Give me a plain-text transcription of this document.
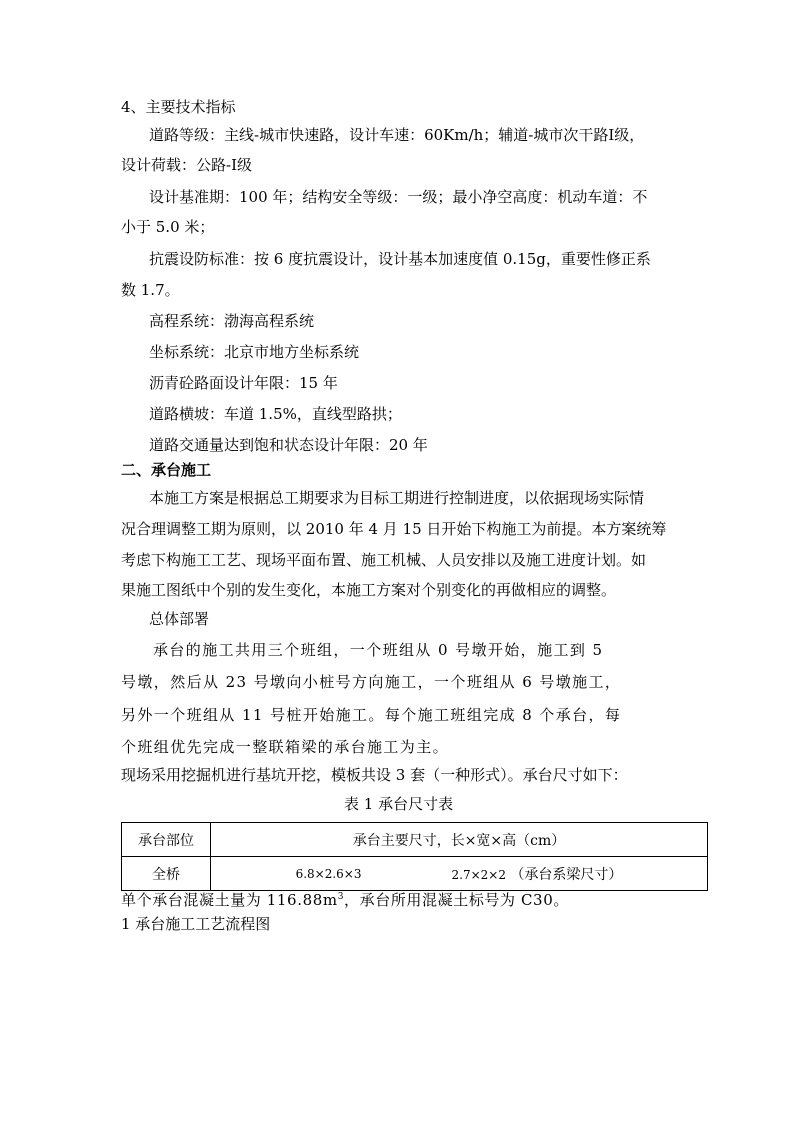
4、主要技术指标
道路等级：主线-城市快速路，设计车速：60Km/h；辅道-城市次干路Ⅰ级，
设计荷载：公路-Ⅰ级
设计基准期：100 年；结构安全等级：一级；最小净空高度：机动车道：不
小于 5.0 米；
抗震设防标准：按 6 度抗震设计，设计基本加速度值 0.15g，重要性修正系
数 1.7。
高程系统：渤海高程系统
坐标系统：北京市地方坐标系统
沥青砼路面设计年限：15 年
道路横坡：车道 1.5%，直线型路拱；
道路交通量达到饱和状态设计年限：20 年
二、承台施工
本施工方案是根据总工期要求为目标工期进行控制进度，以依据现场实际情
况合理调整工期为原则，以 2010 年 4 月 15 日开始下构施工为前提。本方案统筹
考虑下构施工工艺、现场平面布置、施工机械、人员安排以及施工进度计划。如
果施工图纸中个别的发生变化，本施工方案对个别变化的再做相应的调整。
总体部署
承台的施工共用三个班组，一个班组从 0 号墩开始，施工到 5
号墩，然后从 23 号墩向小桩号方向施工，一个班组从 6 号墩施工，
另外一个班组从 11 号桩开始施工。每个施工班组完成 8 个承台，每
个班组优先完成一整联箱梁的承台施工为主。
现场采用挖掘机进行基坑开挖，模板共设 3 套（一种形式）。承台尺寸如下：
表 1 承台尺寸表
承台部位	承台主要尺寸，长×宽×高（cm）
全桥	6.8×2.6×3 2.7×2×2 （承台系梁尺寸）
单个承台混凝土量为 $116.88m^3$，承台所用混凝土标号为 C30。
1 承台施工工艺流程图
